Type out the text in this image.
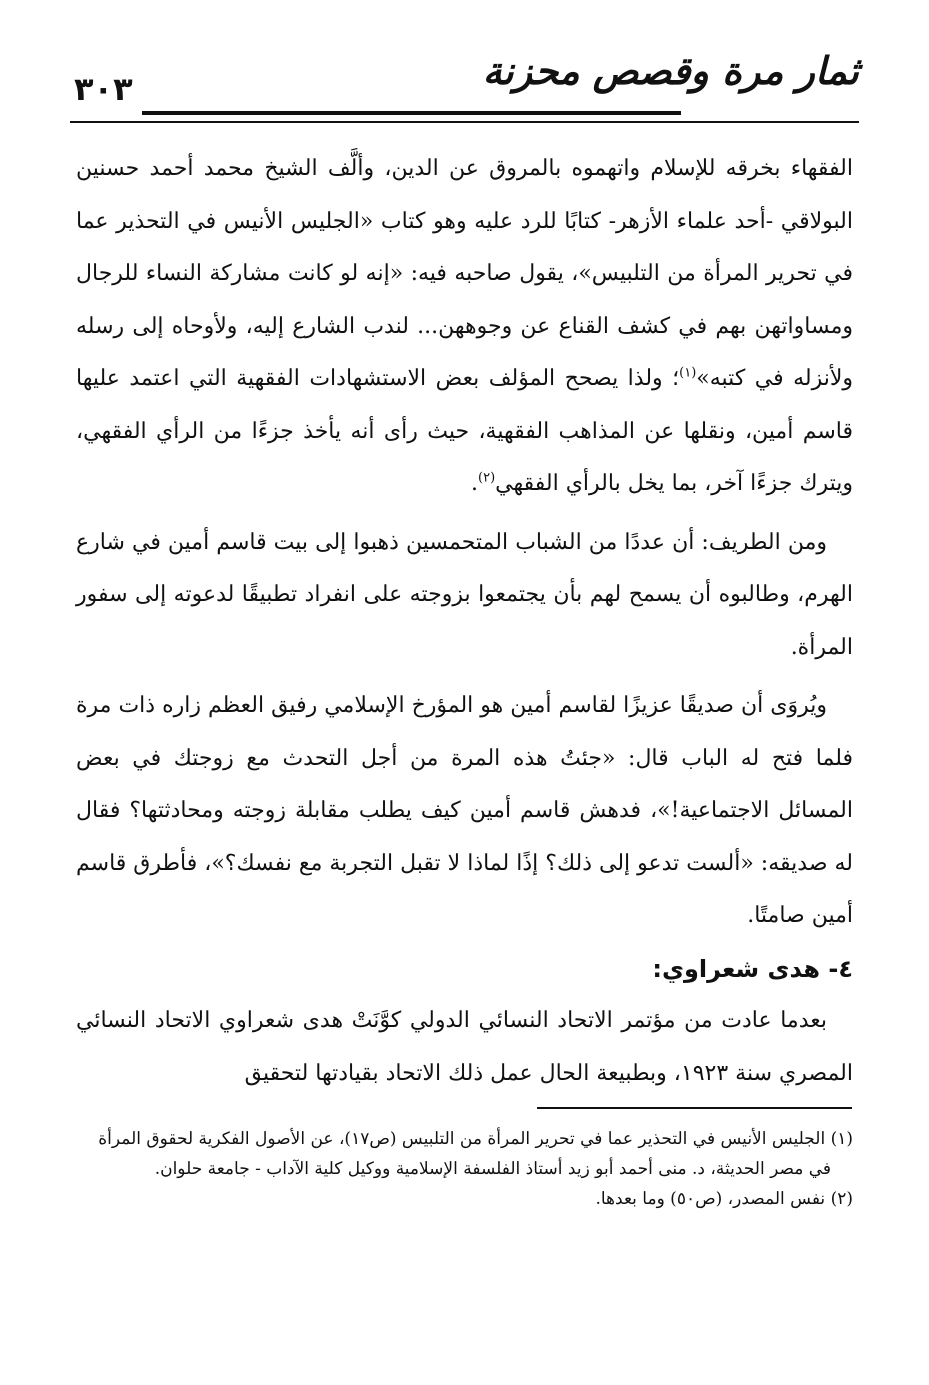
ثمار مرة وقصص محزنة
٣٠٣

الفقهاء بخرقه للإسلام واتهموه بالمروق عن الدين، وألَّف الشيخ محمد أحمد حسنين البولاقي -أحد علماء الأزهر- كتابًا للرد عليه وهو كتاب «الجليس الأنيس في التحذير عما في تحرير المرأة من التلبيس»، يقول صاحبه فيه: «إنه لو كانت مشاركة النساء للرجال ومساواتهن بهم في كشف القناع عن وجوههن... لندب الشارع إليه، ولأوحاه إلى رسله ولأنزله في كتبه»$^{(١)}$؛ ولذا يصحح المؤلف بعض الاستشهادات الفقهية التي اعتمد عليها قاسم أمين، ونقلها عن المذاهب الفقهية، حيث رأى أنه يأخذ جزءًا من الرأي الفقهي، ويترك جزءًا آخر، بما يخل بالرأي الفقهي$^{(٢)}$.

ومن الطريف: أن عددًا من الشباب المتحمسين ذهبوا إلى بيت قاسم أمين في شارع الهرم، وطالبوه أن يسمح لهم بأن يجتمعوا بزوجته على انفراد تطبيقًا لدعوته إلى سفور المرأة.

ويُروَى أن صديقًا عزيزًا لقاسم أمين هو المؤرخ الإسلامي رفيق العظم زاره ذات مرة فلما فتح له الباب قال: «جئتُ هذه المرة من أجل التحدث مع زوجتك في بعض المسائل الاجتماعية!»، فدهش قاسم أمين كيف يطلب مقابلة زوجته ومحادثتها؟ فقال له صديقه: «ألست تدعو إلى ذلك؟ إذًا لماذا لا تقبل التجربة مع نفسك؟»، فأطرق قاسم أمين صامتًا.

٤- هدى شعراوي:

بعدما عادت من مؤتمر الاتحاد النسائي الدولي كوَّنَتْ هدى شعراوي الاتحاد النسائي المصري سنة ١٩٢٣، وبطبيعة الحال عمل ذلك الاتحاد بقيادتها لتحقيق

(١) الجليس الأنيس في التحذير عما في تحرير المرأة من التلبيس (ص١٧)، عن الأصول الفكرية لحقوق المرأة

في مصر الحديثة، د. منى أحمد أبو زيد أستاذ الفلسفة الإسلامية ووكيل كلية الآداب - جامعة حلوان.

(٢) نفس المصدر، (ص٥٠) وما بعدها.
